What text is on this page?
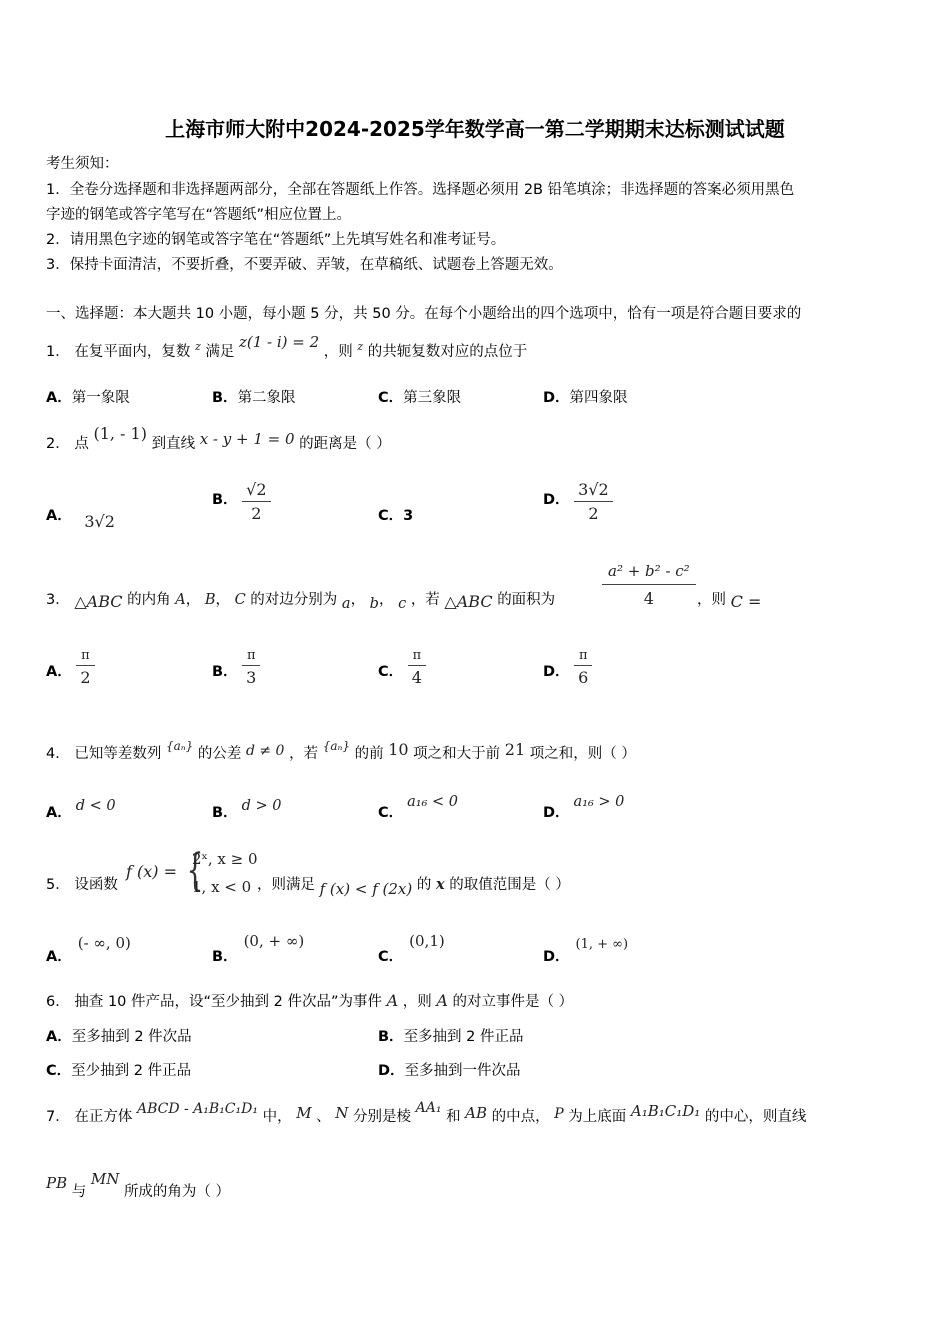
上海市师大附中2024-2025学年数学高一第二学期期末达标测试试题
考生须知：
1．全卷分选择题和非选择题两部分，全部在答题纸上作答。选择题必须用 2B 铅笔填涂；非选择题的答案必须用黑色
字迹的钢笔或答字笔写在“答题纸”相应位置上。
2．请用黑色字迹的钢笔或答字笔在“答题纸”上先填写姓名和准考证号。
3．保持卡面清洁，不要折叠，不要弄破、弄皱，在草稿纸、试题卷上答题无效。
一、选择题：本大题共 10 小题，每小题 5 分，共 50 分。在每个小题给出的四个选项中，恰有一项是符合题目要求的
1． 在复平面内，复数 $^z$ 满足 z(1 - i) = 2 ，则 $^z$ 的共轭复数对应的点位于
A．第一象限	B．第二象限	C．第三象限	D．第四象限
2． 点 (1, - 1) 到直线 x - y + 1 = 0 的距离是（ ）
A． 3√2
B． $\frac{√2}{2}$	C．3
D． $\frac{3√2}{2}$
3． △ABC 的内角 A， B， C 的对边分别为 a， b， c ，若 △ABC 的面积为	$\frac{\text{a² + b² - c²}}{4}$ ，则 C =
A． $\frac{\pi}{2}$	B． $\frac{\pi}{3}$	C． $\frac{\pi}{4}$	D． $\frac{\pi}{6}$
4． 已知等差数列 $^{\{a_n\}}$ 的公差 d ≠ 0 ，若 $^{\{a_n\}}$ 的前 10 项之和大于前 21 项之和，则（ ）
A． d < 0	B． d > 0	C．a₁₆ < 0
D．a₁₆ > 0
5． 设函数
f (x) = {
2ˣ, x ≥ 0
1, x < 0 ，则满足 f (x) < f (2x) 的 x 的取值范围是（ ）
A．(- ∞, 0)
B．(0, + ∞)
C．(0,1)
D．(1, + ∞)
6． 抽查 10 件产品，设“至少抽到 2 件次品”为事件 A ，则 A 的对立事件是（ ）
A．至多抽到 2 件次品	B．至多抽到 2 件正品
C．至少抽到 2 件正品	D．至多抽到一件次品
7． 在正方体 ABCD - A₁B₁C₁D₁ 中， M 、 N 分别是棱 AA₁ 和 AB 的中点， P 为上底面 A₁B₁C₁D₁ 的中心，则直线
PB 与 MN 所成的角为（ ）
